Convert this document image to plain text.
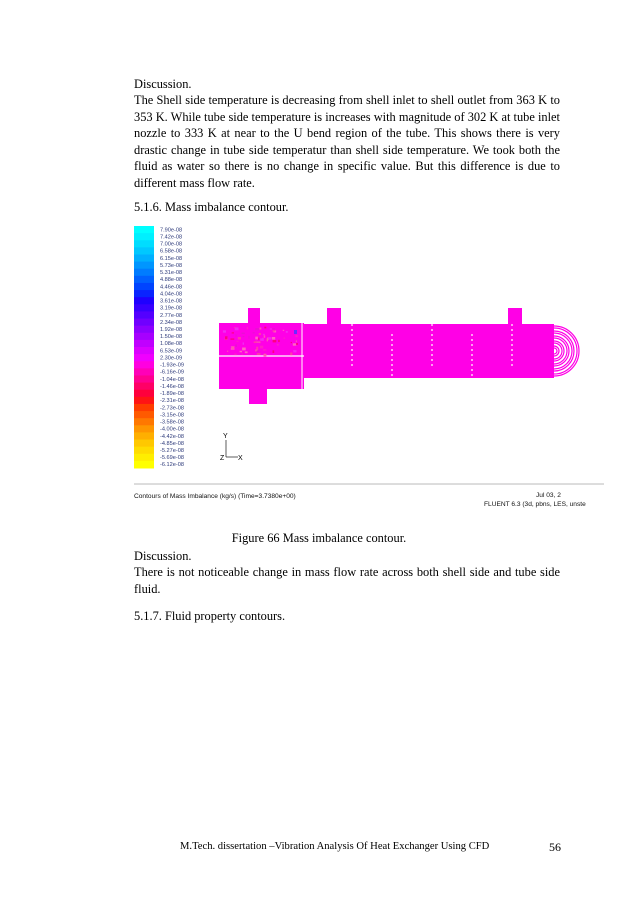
Discussion.
The Shell side temperature is decreasing from shell inlet to shell outlet from 363 K to 353 K. While tube side temperature is increases with magnitude of 302 K at tube inlet nozzle to 333 K at near to the U bend region of the tube. This shows there is very drastic change in tube side temperatur than shell side temperature. We took both the fluid as water so there is no change in specific value. But this difference is due to different mass flow rate.
5.1.6. Mass imbalance contour.
7.90e-08
7.42e-08
7.00e-08
6.58e-08
6.15e-08
5.73e-08
5.31e-08
4.88e-08
4.46e-08
4.04e-08
3.61e-08
3.19e-08
2.77e-08
2.34e-08
1.92e-08
1.50e-08
1.08e-08
6.53e-09
2.30e-09
-1.93e-09
-6.16e-09
-1.04e-08
-1.46e-08
-1.89e-08
-2.31e-08
-2.73e-08
-3.15e-08
-3.58e-08
-4.00e-08
-4.42e-08
-4.85e-08
-5.27e-08
-5.69e-08
-6.12e-08
Y
Z X
Contours of Mass Imbalance (kg/s) (Time=3.7380e+00)	Jul 03, 2
FLUENT 6.3 (3d, pbns, LES, unste
Figure 66 Mass imbalance contour.
Discussion.
There is not noticeable change in mass flow rate across both shell side and tube side fluid.
5.1.7. Fluid property contours.
M.Tech. dissertation –Vibration Analysis Of Heat Exchanger Using CFD	56
